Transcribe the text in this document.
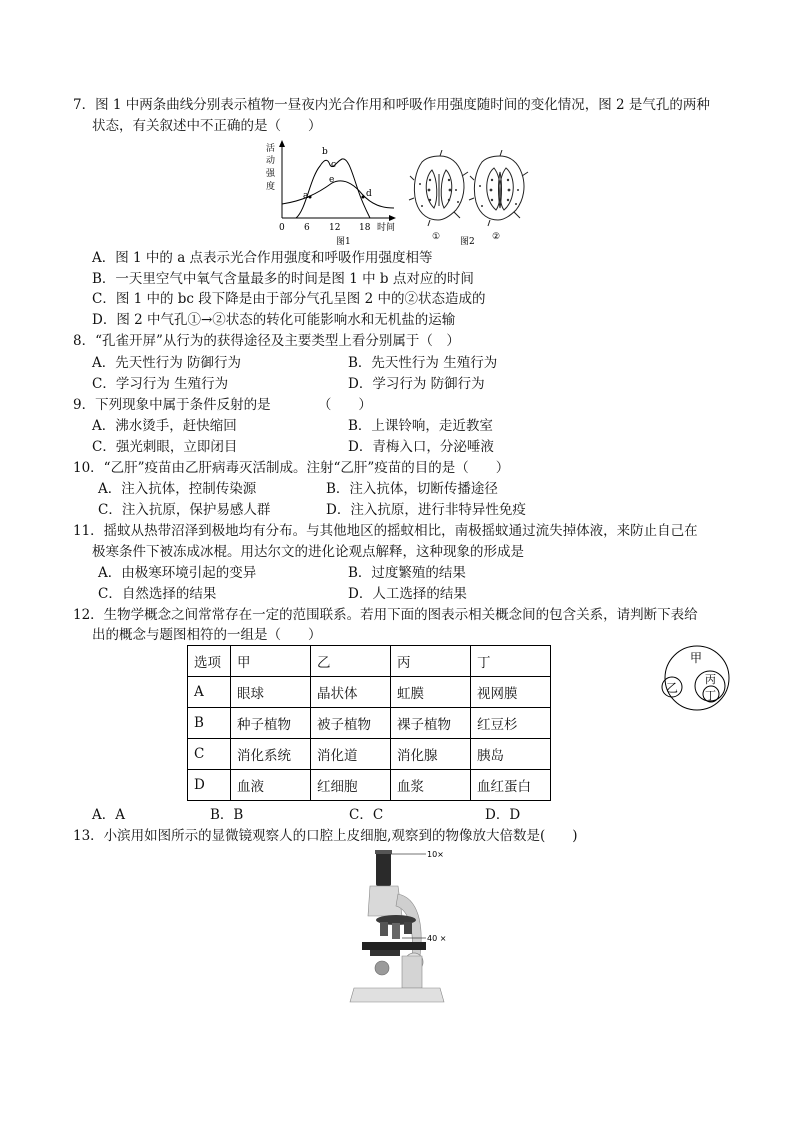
7．图 1 中两条曲线分别表示植物一昼夜内光合作用和呼吸作用强度随时间的变化情况，图 2 是气孔的两种
状态，有关叙述中不正确的是（　　）
活
动
强
度
a
b
c
e
d
0 6 12 18 时间
图1	①	②
图2
A．图 1 中的 a 点表示光合作用强度和呼吸作用强度相等
B．一天里空气中氧气含量最多的时间是图 1 中 b 点对应的时间
C．图 1 中的 bc 段下降是由于部分气孔呈图 2 中的②状态造成的
D．图 2 中气孔①→②状态的转化可能影响水和无机盐的运输
8．“孔雀开屏”从行为的获得途径及主要类型上看分别属于（　）
A．先天性行为 防御行为	B．先天性行为 生殖行为
C．学习行为 生殖行为	D．学习行为 防御行为
9．下列现象中属于条件反射的是　　　　（　　）
A．沸水烫手，赶快缩回	B．上课铃响，走近教室
C．强光刺眼，立即闭目	D．青梅入口，分泌唾液
10．“乙肝”疫苗由乙肝病毒灭活制成。注射“乙肝”疫苗的目的是（　　）
A．注入抗体，控制传染源	B．注入抗体，切断传播途径
C．注入抗原，保护易感人群	D．注入抗原，进行非特异性免疫
11．摇蚊从热带沼泽到极地均有分布。与其他地区的摇蚊相比，南极摇蚊通过流失掉体液，来防止自己在
极寒条件下被冻成冰棍。用达尔文的进化论观点解释，这种现象的形成是
A．由极寒环境引起的变异	B．过度繁殖的结果
C．自然选择的结果	D．人工选择的结果
12．生物学概念之间常常存在一定的范围联系。若用下面的图表示相关概念间的包含关系，请判断下表给
出的概念与题图相符的一组是（　　）
选项	甲	乙	丙	丁
A	眼球	晶状体	虹膜	视网膜
B	种子植物	被子植物	裸子植物	红豆杉
C	消化系统	消化道	消化腺	胰岛
D	血液	红细胞	血浆	血红蛋白
甲
乙
丙
丁
A．A	B．B	C．C	D．D
13．小滨用如图所示的显微镜观察人的口腔上皮细胞,观察到的物像放大倍数是(　　)
10×
40 ×
